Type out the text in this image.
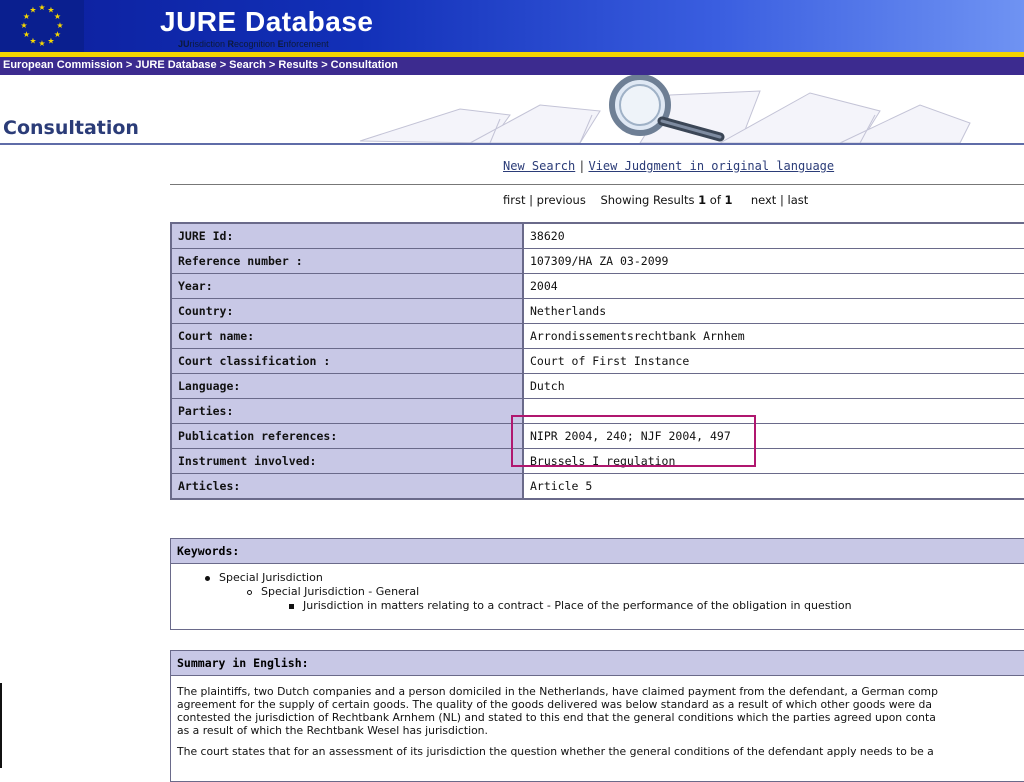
★ ★
★
★
★
★
★
★
★
★
★
★	JURE Database
JUrisdiction Recognition Enforcement
European Commission > JURE Database > Search > Results > Consultation
Consultation
New Search | View Judgment in original language
first | previous Showing Results 1 of 1 next | last
JURE Id:	38620
Reference number :	107309/HA ZA 03-2099
Year:	2004
Country:	Netherlands
Court name:	Arrondissementsrechtbank Arnhem
Court classification :	Court of First Instance
Language:	Dutch
Parties:	
Publication references:	NIPR 2004, 240; NJF 2004, 497
Instrument involved:	Brussels I regulation
Articles:	Article 5
Keywords:
Special Jurisdiction
Special Jurisdiction - General
Jurisdiction in matters relating to a contract - Place of the performance of the obligation in question
Summary in English:

The plaintiffs, two Dutch companies and a person domiciled in the Netherlands, have claimed payment from the defendant, a German comp
agreement for the supply of certain goods. The quality of the goods delivered was below standard as a result of which other goods were da
contested the jurisdiction of Rechtbank Arnhem (NL) and stated to this end that the general conditions which the parties agreed upon conta
as a result of which the Rechtbank Wesel has jurisdiction.

The court states that for an assessment of its jurisdiction the question whether the general conditions of the defendant apply needs to be a
